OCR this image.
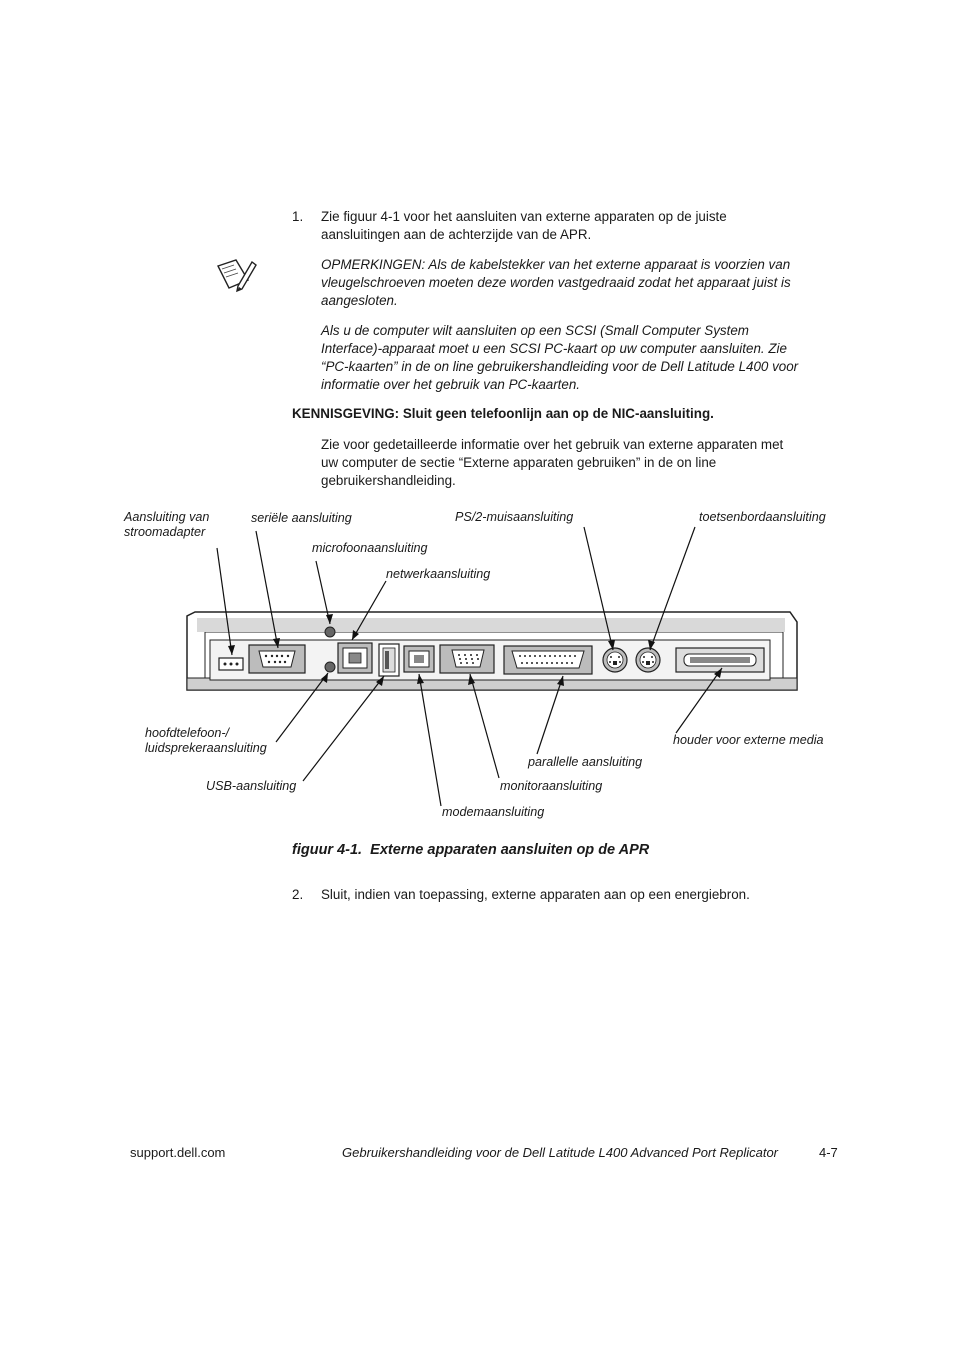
1. Zie figuur 4-1 voor het aansluiten van externe apparaten op de juiste
aansluitingen aan de achterzijde van de APR.
OPMERKINGEN: Als de kabelstekker van het externe apparaat is voorzien van
vleugelschroeven moeten deze worden vastgedraaid zodat het apparaat juist is
aangesloten.
Als u de computer wilt aansluiten op een SCSI (Small Computer System
Interface)-apparaat moet u een SCSI PC-kaart op uw computer aansluiten. Zie
“PC-kaarten” in de on line gebruikershandleiding voor de Dell Latitude L400 voor
informatie over het gebruik van PC-kaarten.
KENNISGEVING: Sluit geen telefoonlijn aan op de NIC-aansluiting.
Zie voor gedetailleerde informatie over het gebruik van externe apparaten met
uw computer de sectie “Externe apparaten gebruiken” in de on line
gebruikershandleiding.
Aansluiting van
stroomadapter
seriële aansluiting
microfoonaansluiting
netwerkaansluiting
PS/2-muisaansluiting	toetsenbordaansluiting
hoofdtelefoon-/
luidsprekeraansluiting
USB-aansluiting
modemaansluiting
monitoraansluiting
parallelle aansluiting
houder voor externe media
figuur 4-1. Externe apparaten aansluiten op de APR
2. Sluit, indien van toepassing, externe apparaten aan op een energiebron.
support.dell.com	Gebruikershandleiding voor de Dell Latitude L400 Advanced Port Replicator	4-7
